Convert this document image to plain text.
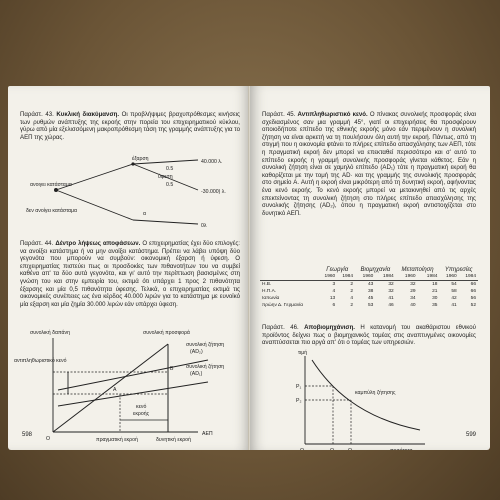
Παράστ. 43. Κυκλική διακύμανση. Οι προβλήψιμες βραχυπρόθεσμες κινήσεις των ρυθμών ανάπτυξης της εκροής στην πορεία του επιχειρηματικού κύκλου, γύρω από μία εξελισσόμενη μακροπρόθεσμη τάση της γραμμής ανάπτυξης για το ΑΕΠ της χώρας.

ανοιγει κατάσταμα
έξαρση	40.000 λ.
0.5
ύφεση
0.5
-30.000) λ.
0λ
α
δεν ανοίγει κατάσταμα

Παράστ. 44. Δέντρο λήψεως αποφάσεων. Ο επιχειρηματίας έχει δύο επιλογές: να ανοίξει κατάστημα ή να μην ανοίξει κατάστημα. Πρέπει να λάβει υπόψη δύο γεγονότα που μπορούν να συμβούν: οικονομική έξαρση ή ύφεση. Ο επιχειρηματίας πιστεύει πως οι προσδοκίες των πιθανοτήτων του να συμβεί καθένα απ' τα δύο αυτά γεγονότα, και γι' αυτό την περίπτωση βασισμένες στη γνώση του και στην εμπειρία του, εκτιμά ότι υπάρχει 1 πρoς 2 πιθανότητα έξαρσης και μία 0,5 πιθανότητα ύφεσης. Τελικά, ο επιχειρηματίας εκτιμά τις οικονομικές συνέπειες ως ένα κέρδος 40.000 λιρών για το κατάστημα με ευνοϊκό μία εξαρση και μία ζημία 30.000 λιρών εάν υπάρχει ύφεση.

συνολική δαπάνη	συνολική προσφορά
συνολική ζήτηση
(AD₂)
συνολική ζήτηση
(AD₁)
αντιπληθωριστικό κενό
B
A
κενό
εκροής
O
ΑΕΠ
πραγματική εκροή	δυνητική εκροή
598

Παράστ. 45. Αντιπληθωριστικό κενό. Ο πίνακας συνολικής προσφοράς είναι σχεδιασμένος σαν μια γραμμή 45°, γιατί οι επιχειρήσεις θα προσφέρουν οποιοδήποτε επίπεδο της εθνικής εκροής μόνο εάν περιμένουν η συνολική ζήτηση να είναι αρκετή να τη πουλήσουν όλη αυτή την εκροή. Πάντως, από τη στιγμή που η οικονομία φτάνει το πλήρες επίπεδο απασχόλησης των ΑΕΠ, τότε η πραγματική εκροή δεν μπορεί να επεκταθεί περισσότερο και σ' αυτό το επίπεδο εκροής η γραμμή συνολικής προσφοράς γίνεται κάθετος. Εάν η συνολική ζήτηση είναι σε χαμηλό επίπεδο (AD₁) τότε η πραγματική εκροή θα καθορίζεται με την τομή της AD· και της γραμμής της συνολικής προσφοράς στο σημείο A. Αυτή η εκροή είναι μικρότερη από τη δυνητική εκροή, αφήνοντας ένα κενό εκροής. Το κενό εκροής μπορεί να μετακινηθεί από τις αρχές επεκτείνοντας τη συνολική ζήτηση στο πλήρες επίπεδο απασχόλησης της συνολικής ζήτησης (AD₂), όπου η πραγματική εκροή αντιστοιχίζεται στο δυνητικό ΑΕΠ.

	Γεωργία		Βιομηχανία		Μεταποίηση		Υπηρεσίες	
	1960	1984	1960	1984	1960	1984	1960	1984
Η.Β.	3	2	43	32	32	18	54	66
Η.Π.Α.	4	2	38	32	29	21	58	66
Ιαπωνία	13	4	45	41	34	30	42	56
πρώην Δ. Γερμανία	6	2	53	46	40	35	41	52

Παράστ. 46. Αποβιομηχάνιση. Η κατανομή του ακαθάριστου εθνικού προϊόντος δείχνει πως ο βιομηχανικός τομέας στις αναπτυγμένες οικονομίες αναπτύσσεται πιο αργά απ' ότι ο τομέας των υπηρεσιών.

τιμή
P₁
P₂
καμπύλη ζήτησης
O	Q₁ Q₂	ποσότητα
599
